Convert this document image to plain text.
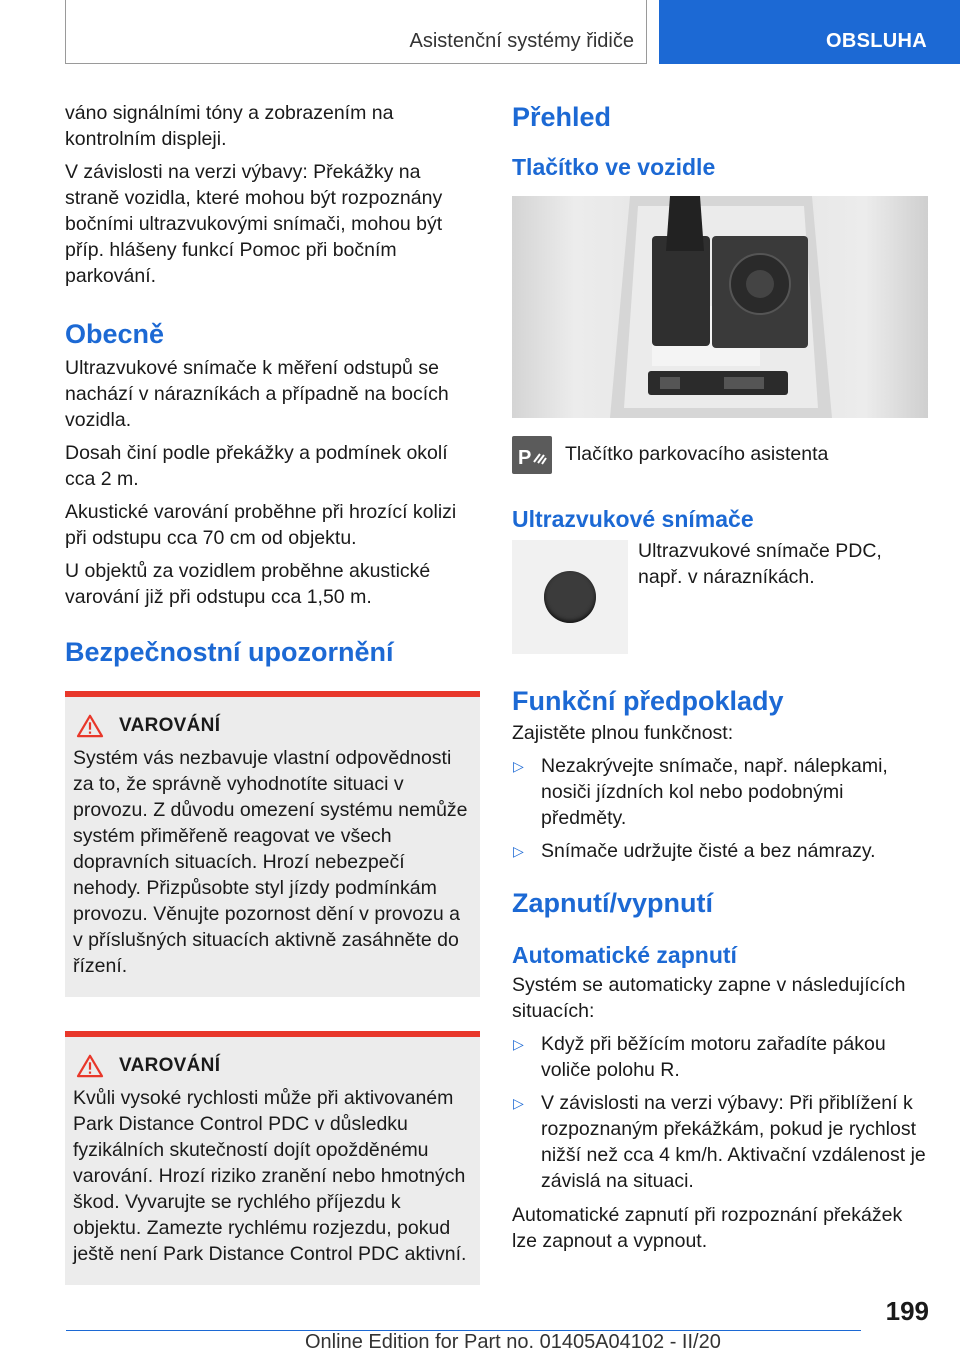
Asistenční systémy řidiče	OBSLUHA

váno signálními tóny a zobrazením na kontrolním displeji.

V závislosti na verzi výbavy: Překážky na straně vozidla, které mohou být rozpoznány bočními ultrazvukovými snímači, mohou být příp. hlášeny funkcí Pomoc při bočním parkování.

Obecně

Ultrazvukové snímače k měření odstupů se nachází v nárazníkách a případně na bocích vozidla.

Dosah činí podle překážky a podmínek okolí cca 2 m.

Akustické varování proběhne při hrozící kolizi při odstupu cca 70 cm od objektu.

U objektů za vozidlem proběhne akustické varování již při odstupu cca 1,50 m.

Bezpečnostní upozornění
VAROVÁNÍ

Systém vás nezbavuje vlastní odpovědnosti za to, že správně vyhodnotíte situaci v provozu. Z důvodu omezení systému nemůže systém přiměřeně reagovat ve všech dopravních situacích. Hrozí nebezpečí nehody. Přizpůsobte styl jízdy podmínkám provozu. Věnujte pozornost dění v provozu a v příslušných situacích aktivně zasáhněte do řízení.

VAROVÁNÍ

Kvůli vysoké rychlosti může při aktivovaném Park Distance Control PDC v důsledku fyzikálních skutečností dojít opožděnému varování. Hrozí riziko zranění nebo hmotných škod. Vyvarujte se rychlého příjezdu k objektu. Zamezte rychlému rozjezdu, pokud ještě není Park Distance Control PDC aktivní.

Přehled
Tlačítko ve vozidle
P Tlačítko parkovacího asistenta
Ultrazvukové snímače
Ultrazvukové snímače PDC, např. v nárazníkách.
Funkční předpoklady

Zajistěte plnou funkčnost:

▷ Nezakrývejte snímače, např. nálepkami, nosiči jízdních kol nebo podobnými předměty.
▷ Snímače udržujte čisté a bez námrazy.
Zapnutí/vypnutí
Automatické zapnutí

Systém se automaticky zapne v následujících situacích:

▷ Když při běžícím motoru zařadíte pákou voliče polohu R.
▷ V závislosti na verzi výbavy: Při přiblížení k rozpoznaným překážkám, pokud je rychlost nižší než cca 4 km/h. Aktivační vzdálenost je závislá na situaci.

Automatické zapnutí při rozpoznání překážek lze zapnout a vypnout.

199
Online Edition for Part no. 01405A04102 - II/20
